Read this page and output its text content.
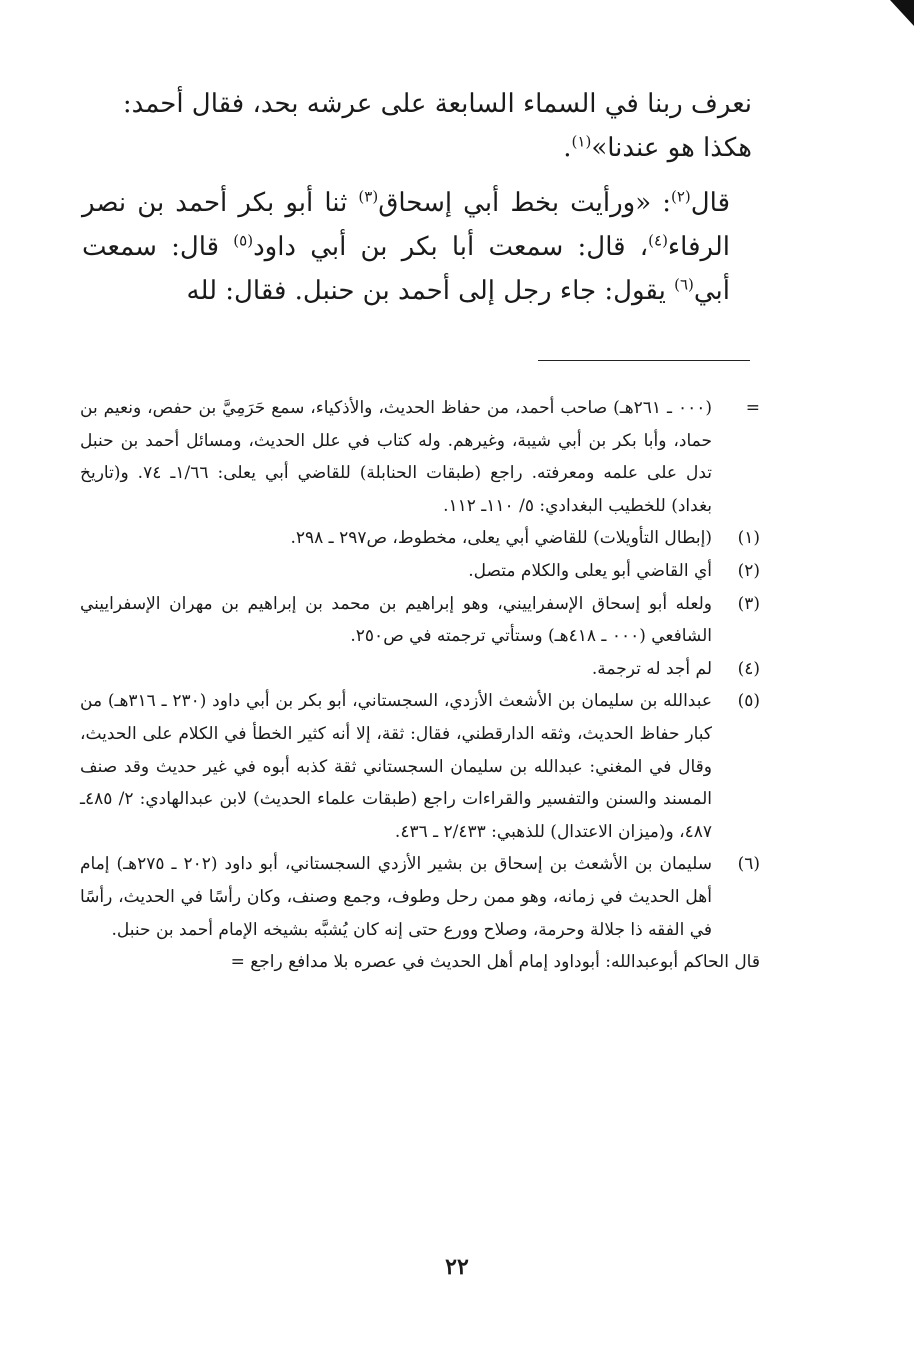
نعرف ربنا في السماء السابعة على عرشه بحد، فقال أحمد:
هكذا هو عندنا»$^{(١)}$.

قال$^{(٢)}$: «ورأيت بخط أبي إسحاق$^{(٣)}$ ثنا أبو بكر أحمد بن نصر الرفاء$^{(٤)}$، قال: سمعت أبا بكر بن أبي داود$^{(٥)}$ قال: سمعت أبي$^{(٦)}$ يقول: جاء رجل إلى أحمد بن حنبل. فقال: لله

=
(٠٠٠ ـ ٢٦١هـ) صاحب أحمد، من حفاظ الحديث، والأذكياء، سمع حَرَمِيَّ بن حفص، ونعيم بن حماد، وأبا بكر بن أبي شيبة، وغيرهم. وله كتاب في علل الحديث، ومسائل أحمد بن حنبل تدل على علمه ومعرفته. راجع (طبقات الحنابلة) للقاضي أبي يعلى: ١/٦٦ـ ٧٤. و(تاريخ بغداد) للخطيب البغدادي: ٥/ ١١٠ـ ١١٢.
(١)
(إبطال التأويلات) للقاضي أبي يعلى، مخطوط، ص٢٩٧ ـ ٢٩٨.
(٢)
أي القاضي أبو يعلى والكلام متصل.
(٣)
ولعله أبو إسحاق الإسفراييني، وهو إبراهيم بن محمد بن إبراهيم بن مهران الإسفراييني الشافعي (٠٠٠ ـ ٤١٨هـ) وستأتي ترجمته في ص٢٥٠.
(٤)
لم أجد له ترجمة.
(٥)
عبدالله بن سليمان بن الأشعث الأزدي، السجستاني، أبو بكر بن أبي داود (٢٣٠ ـ ٣١٦هـ) من كبار حفاظ الحديث، وثقه الدارقطني، فقال: ثقة، إلا أنه كثير الخطأ في الكلام على الحديث، وقال في المغني: عبدالله بن سليمان السجستاني ثقة كذبه أبوه في غير حديث وقد صنف المسند والسنن والتفسير والقراءات راجع (طبقات علماء الحديث) لابن عبدالهادي: ٢/ ٤٨٥ـ ٤٨٧، و(ميزان الاعتدال) للذهبي: ٢/٤٣٣ ـ ٤٣٦.
(٦)
سليمان بن الأشعث بن إسحاق بن بشير الأزدي السجستاني، أبو داود (٢٠٢ ـ ٢٧٥هـ) إمام أهل الحديث في زمانه، وهو ممن رحل وطوف، وجمع وصنف، وكان رأسًا في الحديث، رأسًا في الفقه ذا جلالة وحرمة، وصلاح وورع حتى إنه كان يُشبَّه بشيخه الإمام أحمد بن حنبل.
قال الحاكم أبوعبدالله: أبوداود إمام أهل الحديث في عصره بلا مدافع راجع =
٢٢
